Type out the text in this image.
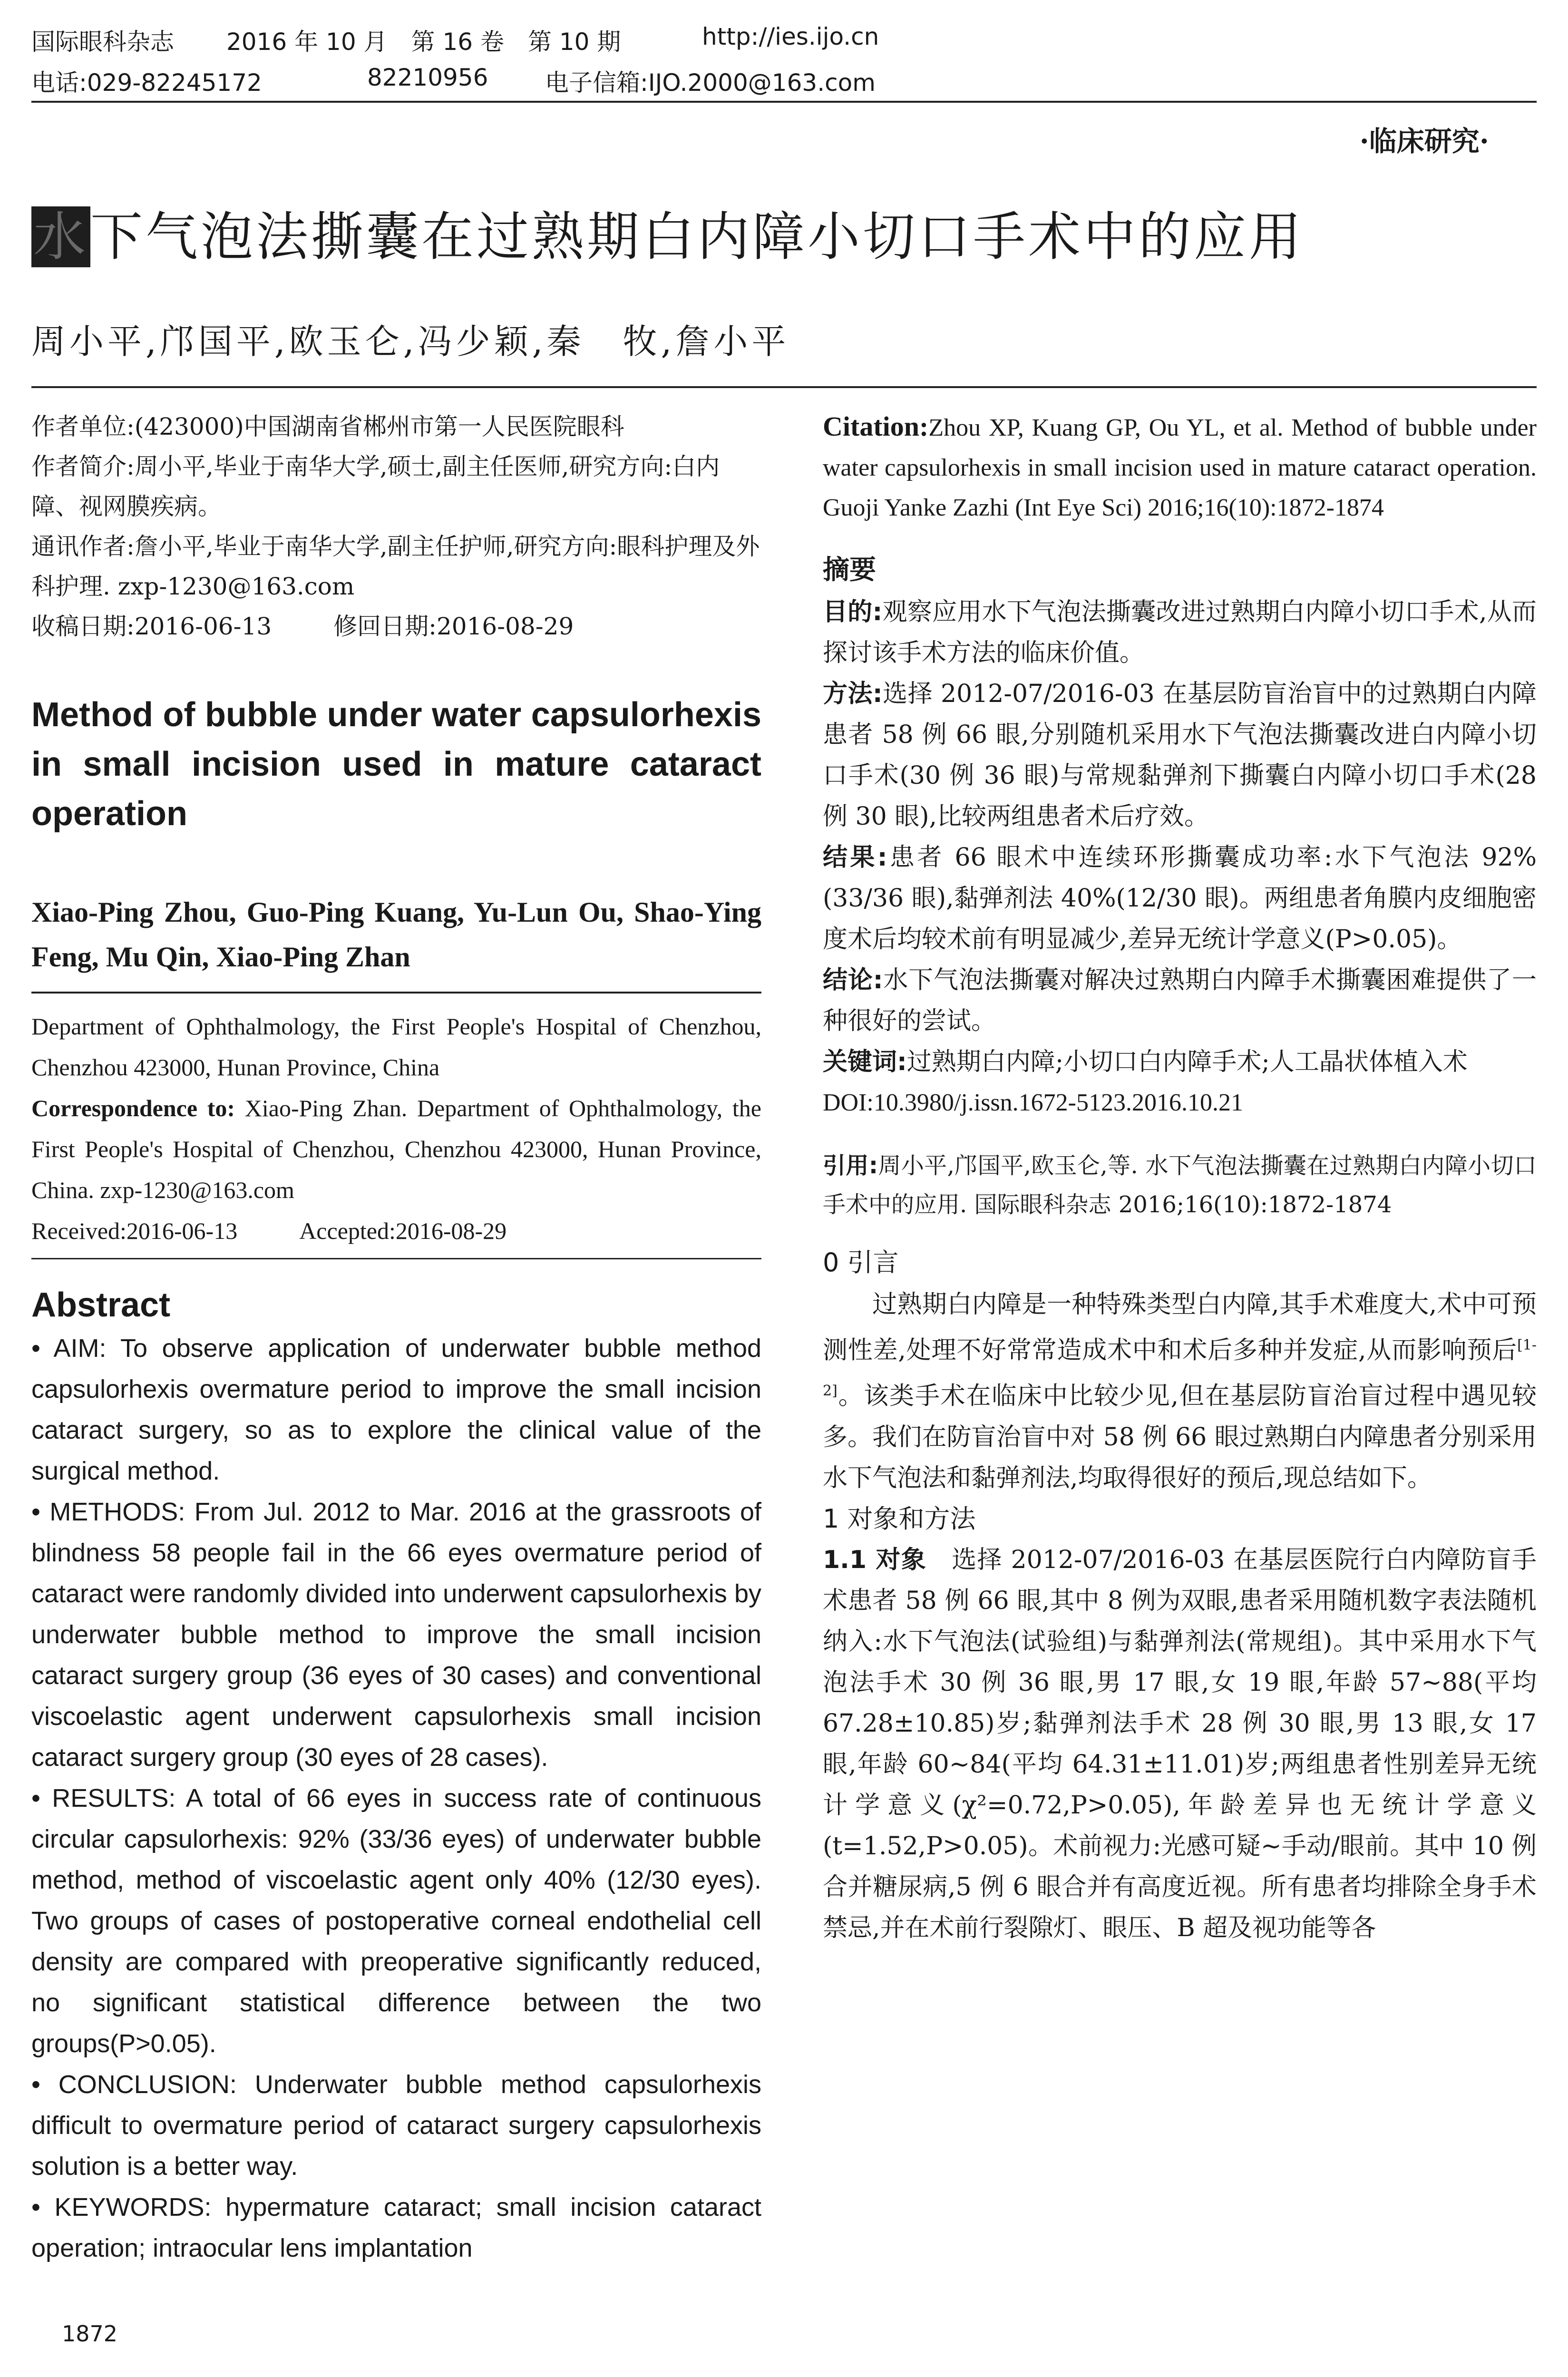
国际眼科杂志 2016 年 10 月　第 16 卷　第 10 期	http://ies.ijo.cn
电话:029-82245172	82210956 电子信箱:IJO.2000@163.com
·临床研究·
水下气泡法撕囊在过熟期白内障小切口手术中的应用
周小平,邝国平,欧玉仑,冯少颖,秦　牧,詹小平

作者单位:(423000)中国湖南省郴州市第一人民医院眼科

作者简介:周小平,毕业于南华大学,硕士,副主任医师,研究方向:白内障、视网膜疾病。

通讯作者:詹小平,毕业于南华大学,副主任护师,研究方向:眼科护理及外科护理. zxp-1230@163.com

收稿日期:2016-06-13	修回日期:2016-08-29

Method of bubble under water capsulorhexis in small incision used in mature cataract operation
Xiao-Ping Zhou, Guo-Ping Kuang, Yu-Lun Ou, Shao-Ying Feng, Mu Qin, Xiao-Ping Zhan
Department of Ophthalmology, the First People's Hospital of Chenzhou, Chenzhou 423000, Hunan Province, China
Correspondence to: Xiao-Ping Zhan. Department of Ophthalmology, the First People's Hospital of Chenzhou, Chenzhou 423000, Hunan Province, China. zxp-1230@163.com
Received:2016-06-13	Accepted:2016-08-29
Abstract

• AIM: To observe application of underwater bubble method capsulorhexis overmature period to improve the small incision cataract surgery, so as to explore the clinical value of the surgical method.

• METHODS: From Jul. 2012 to Mar. 2016 at the grassroots of blindness 58 people fail in the 66 eyes overmature period of cataract were randomly divided into underwent capsulorhexis by underwater bubble method to improve the small incision cataract surgery group (36 eyes of 30 cases) and conventional viscoelastic agent underwent capsulorhexis small incision cataract surgery group (30 eyes of 28 cases).

• RESULTS: A total of 66 eyes in success rate of continuous circular capsulorhexis: 92% (33/36 eyes) of underwater bubble method, method of viscoelastic agent only 40% (12/30 eyes). Two groups of cases of postoperative corneal endothelial cell density are compared with preoperative significantly reduced, no significant statistical difference between the two groups(P>0.05).

• CONCLUSION: Underwater bubble method capsulorhexis difficult to overmature period of cataract surgery capsulorhexis solution is a better way.

• KEYWORDS: hypermature cataract; small incision cataract operation; intraocular lens implantation

1872
Citation:Zhou XP, Kuang GP, Ou YL, et al. Method of bubble under water capsulorhexis in small incision used in mature cataract operation. Guoji Yanke Zazhi (Int Eye Sci) 2016;16(10):1872-1874
摘要

目的:观察应用水下气泡法撕囊改进过熟期白内障小切口手术,从而探讨该手术方法的临床价值。

方法:选择 2012-07/2016-03 在基层防盲治盲中的过熟期白内障患者 58 例 66 眼,分别随机采用水下气泡法撕囊改进白内障小切口手术(30 例 36 眼)与常规黏弹剂下撕囊白内障小切口手术(28 例 30 眼),比较两组患者术后疗效。

结果:患者 66 眼术中连续环形撕囊成功率:水下气泡法 92%(33/36 眼),黏弹剂法 40%(12/30 眼)。两组患者角膜内皮细胞密度术后均较术前有明显减少,差异无统计学意义(P>0.05)。

结论:水下气泡法撕囊对解决过熟期白内障手术撕囊困难提供了一种很好的尝试。

关键词:过熟期白内障;小切口白内障手术;人工晶状体植入术

DOI:10.3980/j.issn.1672-5123.2016.10.21

引用:周小平,邝国平,欧玉仑,等. 水下气泡法撕囊在过熟期白内障小切口手术中的应用. 国际眼科杂志 2016;16(10):1872-1874
0 引言
过熟期白内障是一种特殊类型白内障,其手术难度大,术中可预测性差,处理不好常常造成术中和术后多种并发症,从而影响预后[1-2]。该类手术在临床中比较少见,但在基层防盲治盲过程中遇见较多。我们在防盲治盲中对 58 例 66 眼过熟期白内障患者分别采用水下气泡法和黏弹剂法,均取得很好的预后,现总结如下。
1 对象和方法
1.1 对象　选择 2012-07/2016-03 在基层医院行白内障防盲手术患者 58 例 66 眼,其中 8 例为双眼,患者采用随机数字表法随机纳入:水下气泡法(试验组)与黏弹剂法(常规组)。其中采用水下气泡法手术 30 例 36 眼,男 17 眼,女 19 眼,年龄 57~88(平均 67.28±10.85)岁;黏弹剂法手术 28 例 30 眼,男 13 眼,女 17 眼,年龄 60~84(平均 64.31±11.01)岁;两组患者性别差异无统计学意义(χ²=0.72,P>0.05),年龄差异也无统计学意义(t=1.52,P>0.05)。术前视力:光感可疑~手动/眼前。其中 10 例合并糖尿病,5 例 6 眼合并有高度近视。所有患者均排除全身手术禁忌,并在术前行裂隙灯、眼压、B 超及视功能等各
